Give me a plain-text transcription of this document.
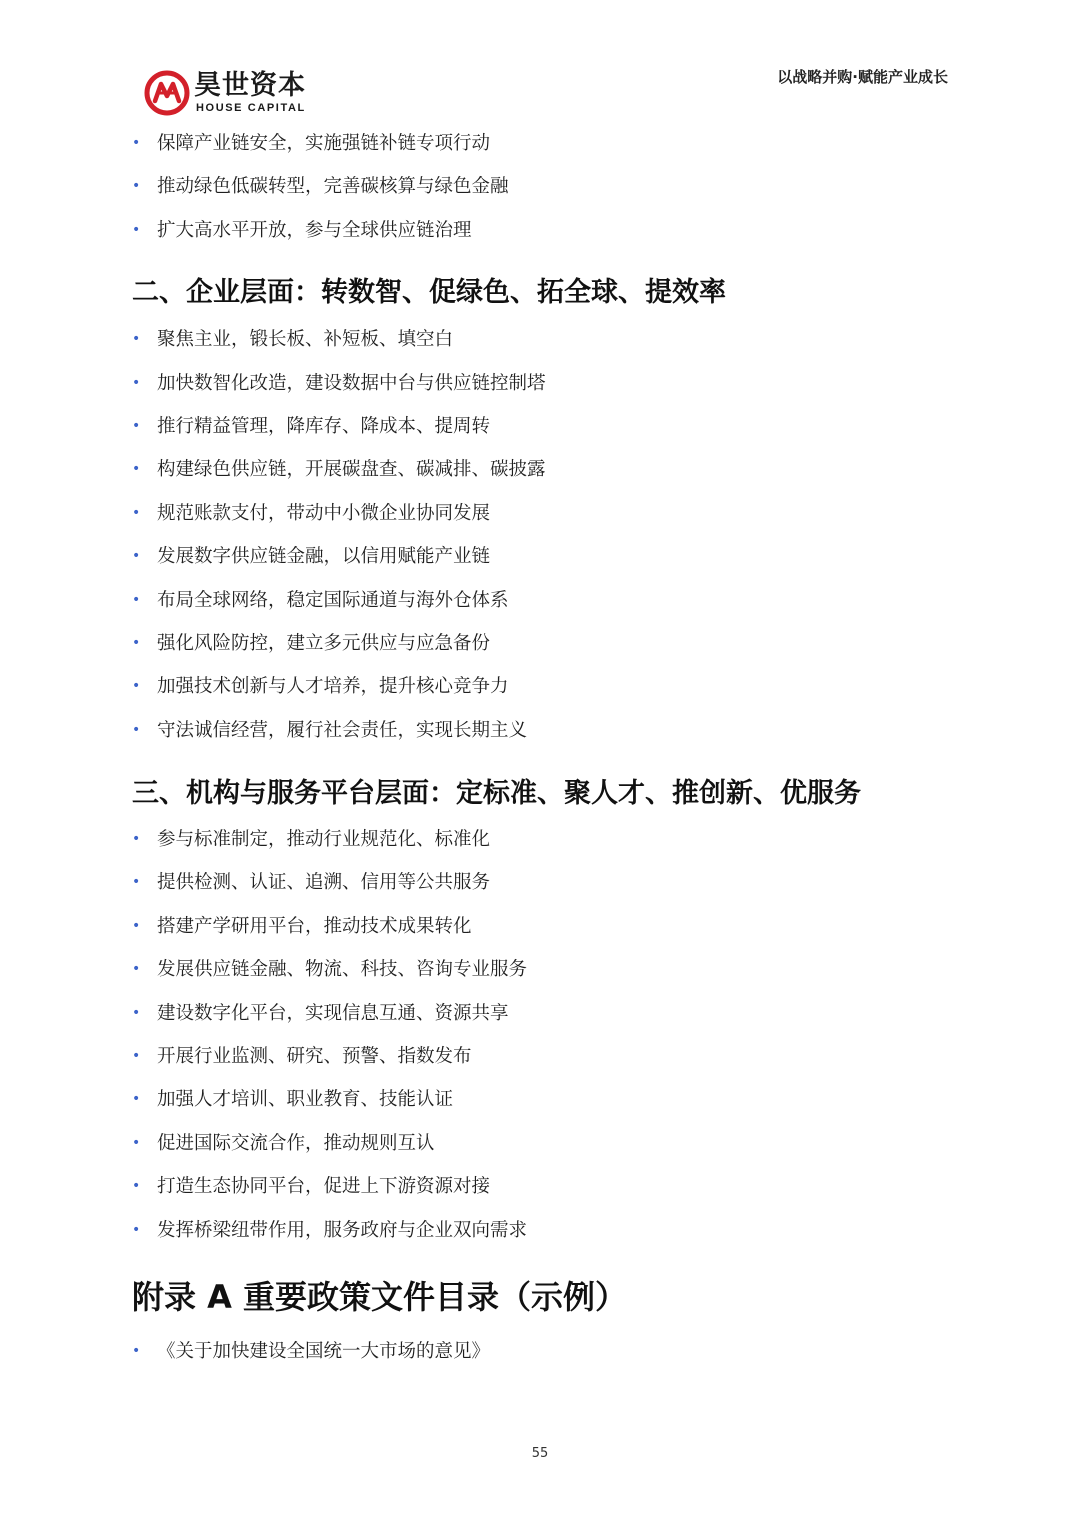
昊世资本
HOUSE CAPITAL
以战略并购·赋能产业成长
• 保障产业链安全，实施强链补链专项行动
• 推动绿色低碳转型，完善碳核算与绿色金融
• 扩大高水平开放，参与全球供应链治理
二、企业层面：转数智、促绿色、拓全球、提效率
• 聚焦主业，锻长板、补短板、填空白
• 加快数智化改造，建设数据中台与供应链控制塔
• 推行精益管理，降库存、降成本、提周转
• 构建绿色供应链，开展碳盘查、碳减排、碳披露
• 规范账款支付，带动中小微企业协同发展
• 发展数字供应链金融，以信用赋能产业链
• 布局全球网络，稳定国际通道与海外仓体系
• 强化风险防控，建立多元供应与应急备份
• 加强技术创新与人才培养，提升核心竞争力
• 守法诚信经营，履行社会责任，实现长期主义
三、机构与服务平台层面：定标准、聚人才、推创新、优服务
• 参与标准制定，推动行业规范化、标准化
• 提供检测、认证、追溯、信用等公共服务
• 搭建产学研用平台，推动技术成果转化
• 发展供应链金融、物流、科技、咨询专业服务
• 建设数字化平台，实现信息互通、资源共享
• 开展行业监测、研究、预警、指数发布
• 加强人才培训、职业教育、技能认证
• 促进国际交流合作，推动规则互认
• 打造生态协同平台，促进上下游资源对接
• 发挥桥梁纽带作用，服务政府与企业双向需求
附录 A 重要政策文件目录（示例）
• 《关于加快建设全国统一大市场的意见》
55
